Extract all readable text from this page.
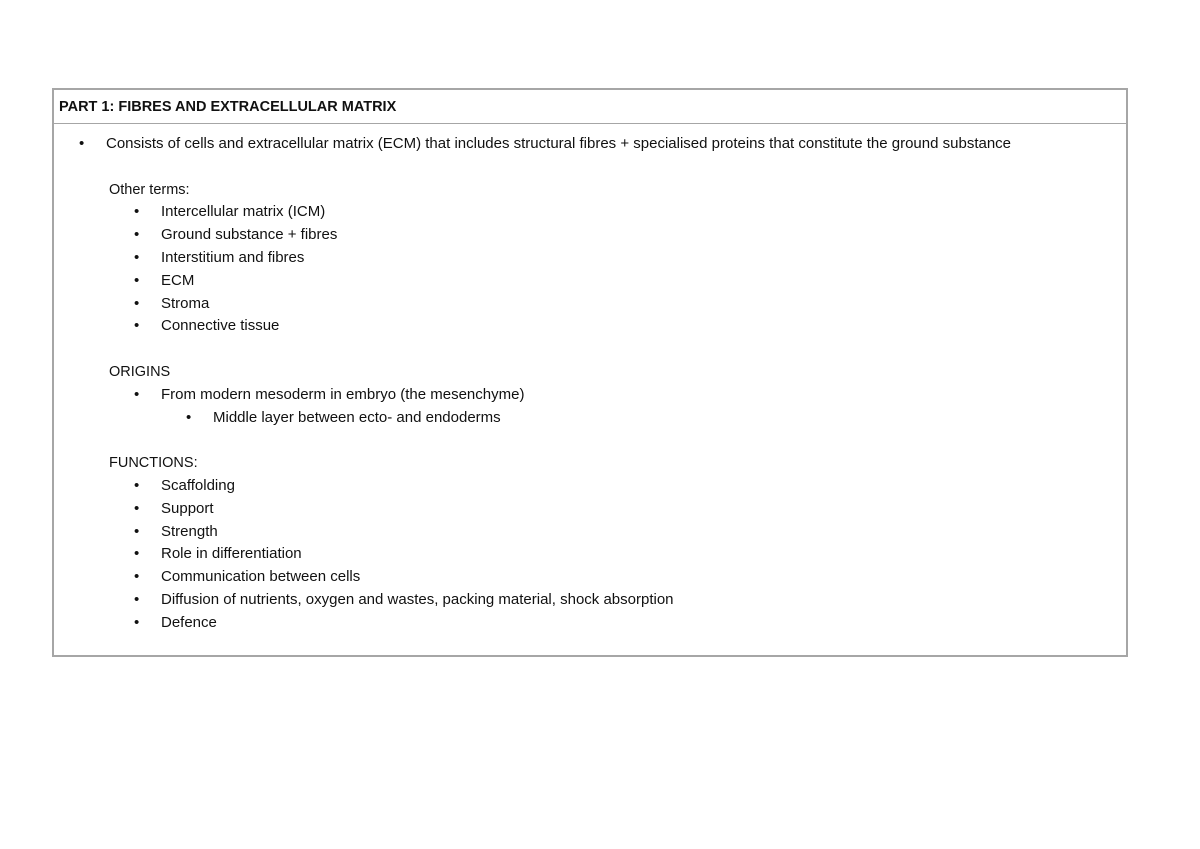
PART 1: FIBRES AND EXTRACELLULAR MATRIX
• Consists of cells and extracellular matrix (ECM) that includes structural fibres + specialised proteins that constitute the ground substance
Other terms:
• Intercellular matrix (ICM)
• Ground substance + fibres
• Interstitium and fibres
• ECM
• Stroma
• Connective tissue
ORIGINS
• From modern mesoderm in embryo (the mesenchyme)
• Middle layer between ecto- and endoderms
FUNCTIONS:
• Scaffolding
• Support
• Strength
• Role in differentiation
• Communication between cells
• Diffusion of nutrients, oxygen and wastes, packing material, shock absorption
• Defence
